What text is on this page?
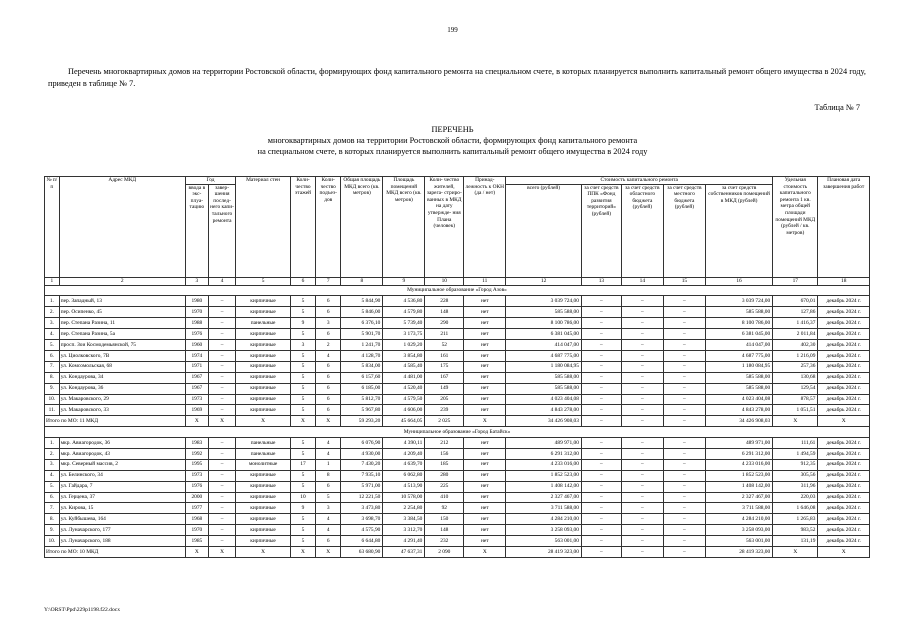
199
Перечень многоквартирных домов на территории Ростовской области, формирующих фонд капитального ремонта на специальном счете, в которых планируется выполнить капитальный ремонт общего имущества в 2024 году, приведен в таблице № 7.
Таблица № 7
ПЕРЕЧЕНЬ
многоквартирных домов на территории Ростовской области, формирующих фонд капитального ремонта
на специальном счете, в которых планируется выполнить капитальный ремонт общего имущества в 2024 году
№ п/п	Адрес МКД	Год		Материал стен	Коли- чество этажей	Коли- чество подъез- дов	Общая площадь МКД всего (кв. метров)	Площадь помещений МКД всего (кв. метров)	Коли- чество жителей, зарега- стриро- ванных в МКД на дату утвержде- ния Плана (человек)	Принад- лежность к ОКН (да / нет)	Стоимость капитального ремонта					Удельная стоимость капитального ремонта 1 кв. метра общей площади помещений МКД (рублей / кв. метров)	Плановая дата завершения работ
		ввода в экс- плуа- тацию	завер- шения послед- него капи- тального ремонта								всего (рублей)	за счет средств ППК «Фонд развития территорий» (рублей)	за счет средств областного бюджета (рублей)	за счет средств местного бюджета (рублей)	за счет средств собственников помещений в МКД (рублей)		
1	2	3	4	5	6	7	8	9	10	11	12	13	14	15	16	17	18
Муниципальное образование «Город Азов»																	
1.	пер. Западный, 13	1980	–	кирпичные	5	6	5 844,90	4 536,80	228	нет	3 039 724,00	–	–	–	3 039 724,00	670,01	декабрь 2024 г.
2.	пер. Осипенко, 45	1970	–	кирпичные	5	6	5 846,00	4 579,80	148	нет	585 588,00	–	–	–	585 588,00	127,86	декабрь 2024 г.
3.	пер. Степана Разина, 11	1988	–	панельные	9	3	6 376,10	5 739,40	290	нет	8 100 786,00	–	–	–	8 100 786,00	1 416,37	декабрь 2024 г.
4.	пер. Степана Разина, 5а	1976	–	кирпичные	5	6	5 901,70	3 173,75	211	нет	6 381 045,00	–	–	–	6 381 045,00	2 011,84	декабрь 2024 г.
5.	просп. Зои Космодемьянской, 75	1960	–	кирпичные	3	2	1 241,70	1 029,20	52	нет	414 047,00	–	–	–	414 047,00	402,30	декабрь 2024 г.
6.	ул. Циолковского, 7В	1974	–	кирпичные	5	4	4 128,70	3 854,80	161	нет	4 687 775,00	–	–	–	4 687 775,00	1 216,09	декабрь 2024 г.
7.	ул. Комсомольская, 68	1971	–	кирпичные	5	6	5 834,00	4 585,40	175	нет	1 180 084,95	–	–	–	1 180 084,95	257,36	декабрь 2024 г.
8.	ул. Кондаурова, 34	1967	–	кирпичные	5	6	6 157,60	4 481,00	167	нет	585 588,00	–	–	–	585 588,00	130,68	декабрь 2024 г.
9.	ул. Кондаурова, 36	1967	–	кирпичные	5	6	6 185,00	4 520,40	149	нет	585 588,00	–	–	–	585 588,00	129,54	декабрь 2024 г.
10.	ул. Макаровского, 29	1973	–	кирпичные	5	6	5 812,70	4 579,50	205	нет	4 023 404,08	–	–	–	4 023 404,08	878,57	декабрь 2024 г.
11.	ул. Макаровского, 33	1969	–	кирпичные	5	6	5 967,80	4 606,00	239	нет	4 843 278,00	–	–	–	4 843 278,00	1 051,51	декабрь 2024 г.
Итого по МО: 11 МКД		X	X	X	X	X	59 293,20	45 664,05	2 025	X	34 426 908,03	–	–	–	34 426 908,03	X	X
Муниципальное образование «Город Батайск»																	
1.	мкр. Авиагородок, 36	1983	–	панельные	5	4	6 076,90	4 390,11	212	нет	489 971,00	–	–	–	489 971,00	111,61	декабрь 2024 г.
2.	мкр. Авиагородок, 43	1992	–	панельные	5	4	4 930,00	4 209,40	156	нет	6 291 312,00	–	–	–	6 291 312,00	1 494,59	декабрь 2024 г.
3.	мкр. Северный массив, 2	1995	–	монолитные	17	1	7 430,20	4 639,70	185	нет	4 233 016,00	–	–	–	4 233 016,00	912,35	декабрь 2024 г.
4.	ул. Белинского, 34	1973	–	кирпичные	5	8	7 935,10	6 062,80	280	нет	1 852 523,00	–	–	–	1 852 523,00	305,56	декабрь 2024 г.
5.	ул. Гайдара, 7	1976	–	кирпичные	5	6	5 971,00	4 513,90	225	нет	1 408 142,00	–	–	–	1 408 142,00	311,96	декабрь 2024 г.
6.	ул. Герцена, 37	2000	–	кирпичные	10	5	12 221,50	10 578,00	410	нет	2 327 467,00	–	–	–	2 327 467,00	220,03	декабрь 2024 г.
7.	ул. Кирова, 15	1977	–	кирпичные	9	3	3 473,80	2 254,80	92	нет	3 711 588,00	–	–	–	3 711 588,00	1 646,08	декабрь 2024 г.
8.	ул. Куйбышева, 164	1968	–	кирпичные	5	4	3 698,70	3 384,50	150	нет	4 284 210,00	–	–	–	4 284 210,00	1 265,83	декабрь 2024 г.
9.	ул. Луначарского, 177	1970	–	кирпичные	5	4	4 575,90	3 312,70	148	нет	3 258 093,00	–	–	–	3 258 093,00	983,52	декабрь 2024 г.
10.	ул. Луначарского, 188	1985	–	кирпичные	5	6	6 644,80	4 291,40	232	нет	563 001,00	–	–	–	563 001,00	131,19	декабрь 2024 г.
Итого по МО: 10 МКД		X	X	X	X	X	63 680,90	47 637,31	2 090	X	28 419 323,00	–	–	–	28 419 323,00	X	X
Y:\ORST\Ppd\229p1198.f22.docx
